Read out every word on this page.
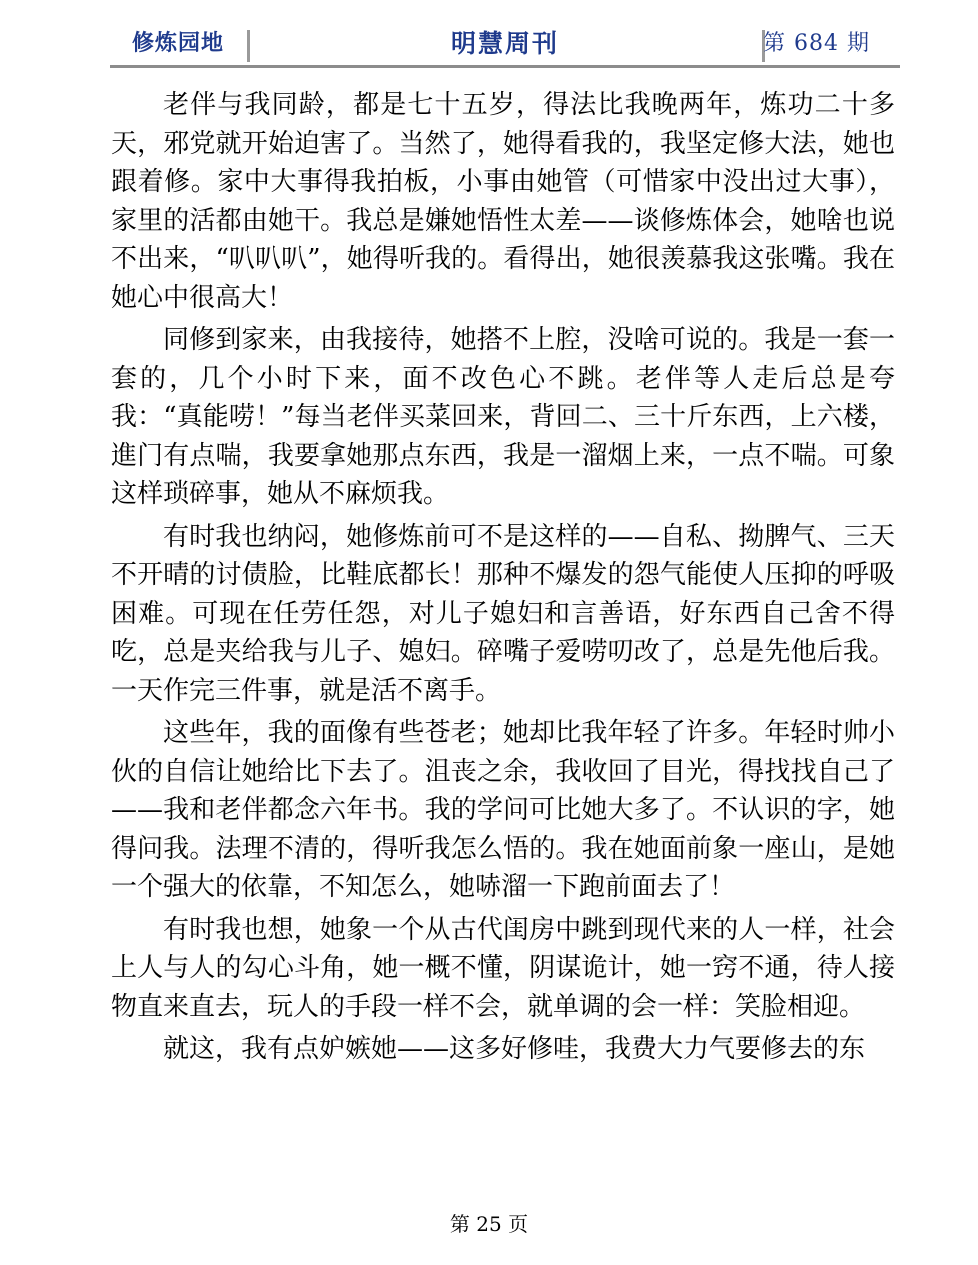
修炼园地	明慧周刊	第 684 期

老伴与我同龄，都是七十五岁，得法比我晚两年，炼功二十多天，邪党就开始迫害了。当然了，她得看我的，我坚定修大法，她也跟着修。家中大事得我拍板，小事由她管（可惜家中没出过大事），家里的活都由她干。我总是嫌她悟性太差——谈修炼体会，她啥也说不出来，“叭叭叭”，她得听我的。看得出，她很羡慕我这张嘴。我在她心中很高大！

同修到家来，由我接待，她搭不上腔，没啥可说的。我是一套一套的，几个小时下来，面不改色心不跳。老伴等人走后总是夸我：“真能唠！”每当老伴买菜回来，背回二、三十斤东西，上六楼，進门有点喘，我要拿她那点东西，我是一溜烟上来，一点不喘。可象这样琐碎事，她从不麻烦我。

有时我也纳闷，她修炼前可不是这样的——自私、拗脾气、三天不开晴的讨债脸，比鞋底都长！那种不爆发的怨气能使人压抑的呼吸困难。可现在任劳任怨，对儿子媳妇和言善语，好东西自己舍不得吃，总是夹给我与儿子、媳妇。碎嘴子爱唠叨改了，总是先他后我。一天作完三件事，就是活不离手。

这些年，我的面像有些苍老；她却比我年轻了许多。年轻时帅小伙的自信让她给比下去了。沮丧之余，我收回了目光，得找找自己了——我和老伴都念六年书。我的学问可比她大多了。不认识的字，她得问我。法理不清的，得听我怎么悟的。我在她面前象一座山，是她一个强大的依靠，不知怎么，她哧溜一下跑前面去了！

有时我也想，她象一个从古代闺房中跳到现代来的人一样，社会上人与人的勾心斗角，她一概不懂，阴谋诡计，她一窍不通，待人接物直来直去，玩人的手段一样不会，就单调的会一样：笑脸相迎。

就这，我有点妒嫉她——这多好修哇，我费大力气要修去的东

第 25 页
